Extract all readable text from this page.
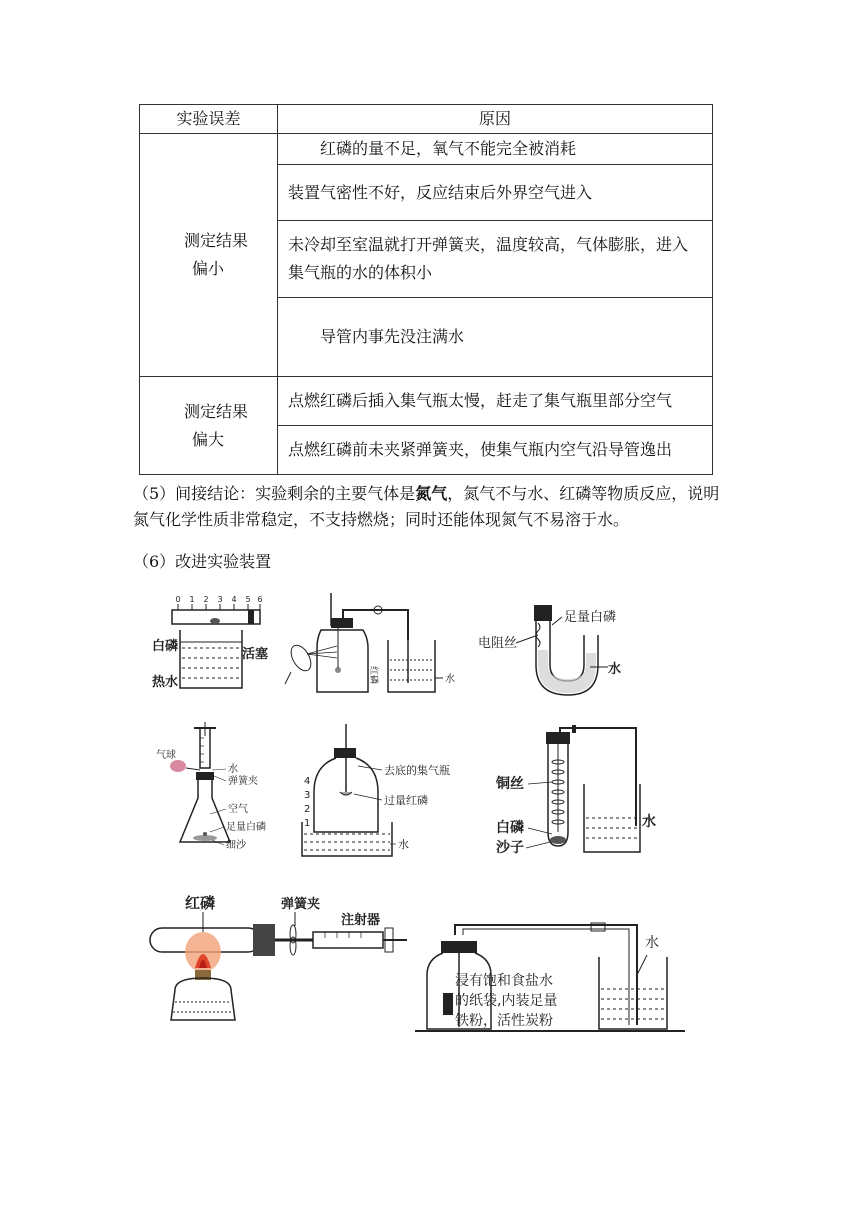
实验误差	原因

测定结果
偏小	红磷的量不足，氧气不能完全被消耗
	装置气密性不好，反应结束后外界空气进入
	未冷却至室温就打开弹簧夹，温度较高，气体膨胀，进入集气瓶的水的体积小
	导管内事先没注满水

测定结果
偏大	点燃红磷后插入集气瓶太慢，赶走了集气瓶里部分空气
	点燃红磷前未夹紧弹簧夹，使集气瓶内空气沿导管逸出
（5）间接结论：实验剩余的主要气体是氮气，氮气不与水、红磷等物质反应，说明氮气化学性质非常稳定，不支持燃烧；同时还能体现氮气不易溶于水。
（6）改进实验装置
0 1 2 3 4 5 6
白磷
活塞
热水	红磷	水
足量白磷
电阻丝
水
气球
水
弹簧夹
空气
足量白磷
细沙
4
3
2
1
去底的集气瓶
过量红磷
水
铜丝
白磷
沙子
水
红磷	弹簧夹
注射器
水
浸有饱和食盐水
的纸袋,内装足量
铁粉，活性炭粉
